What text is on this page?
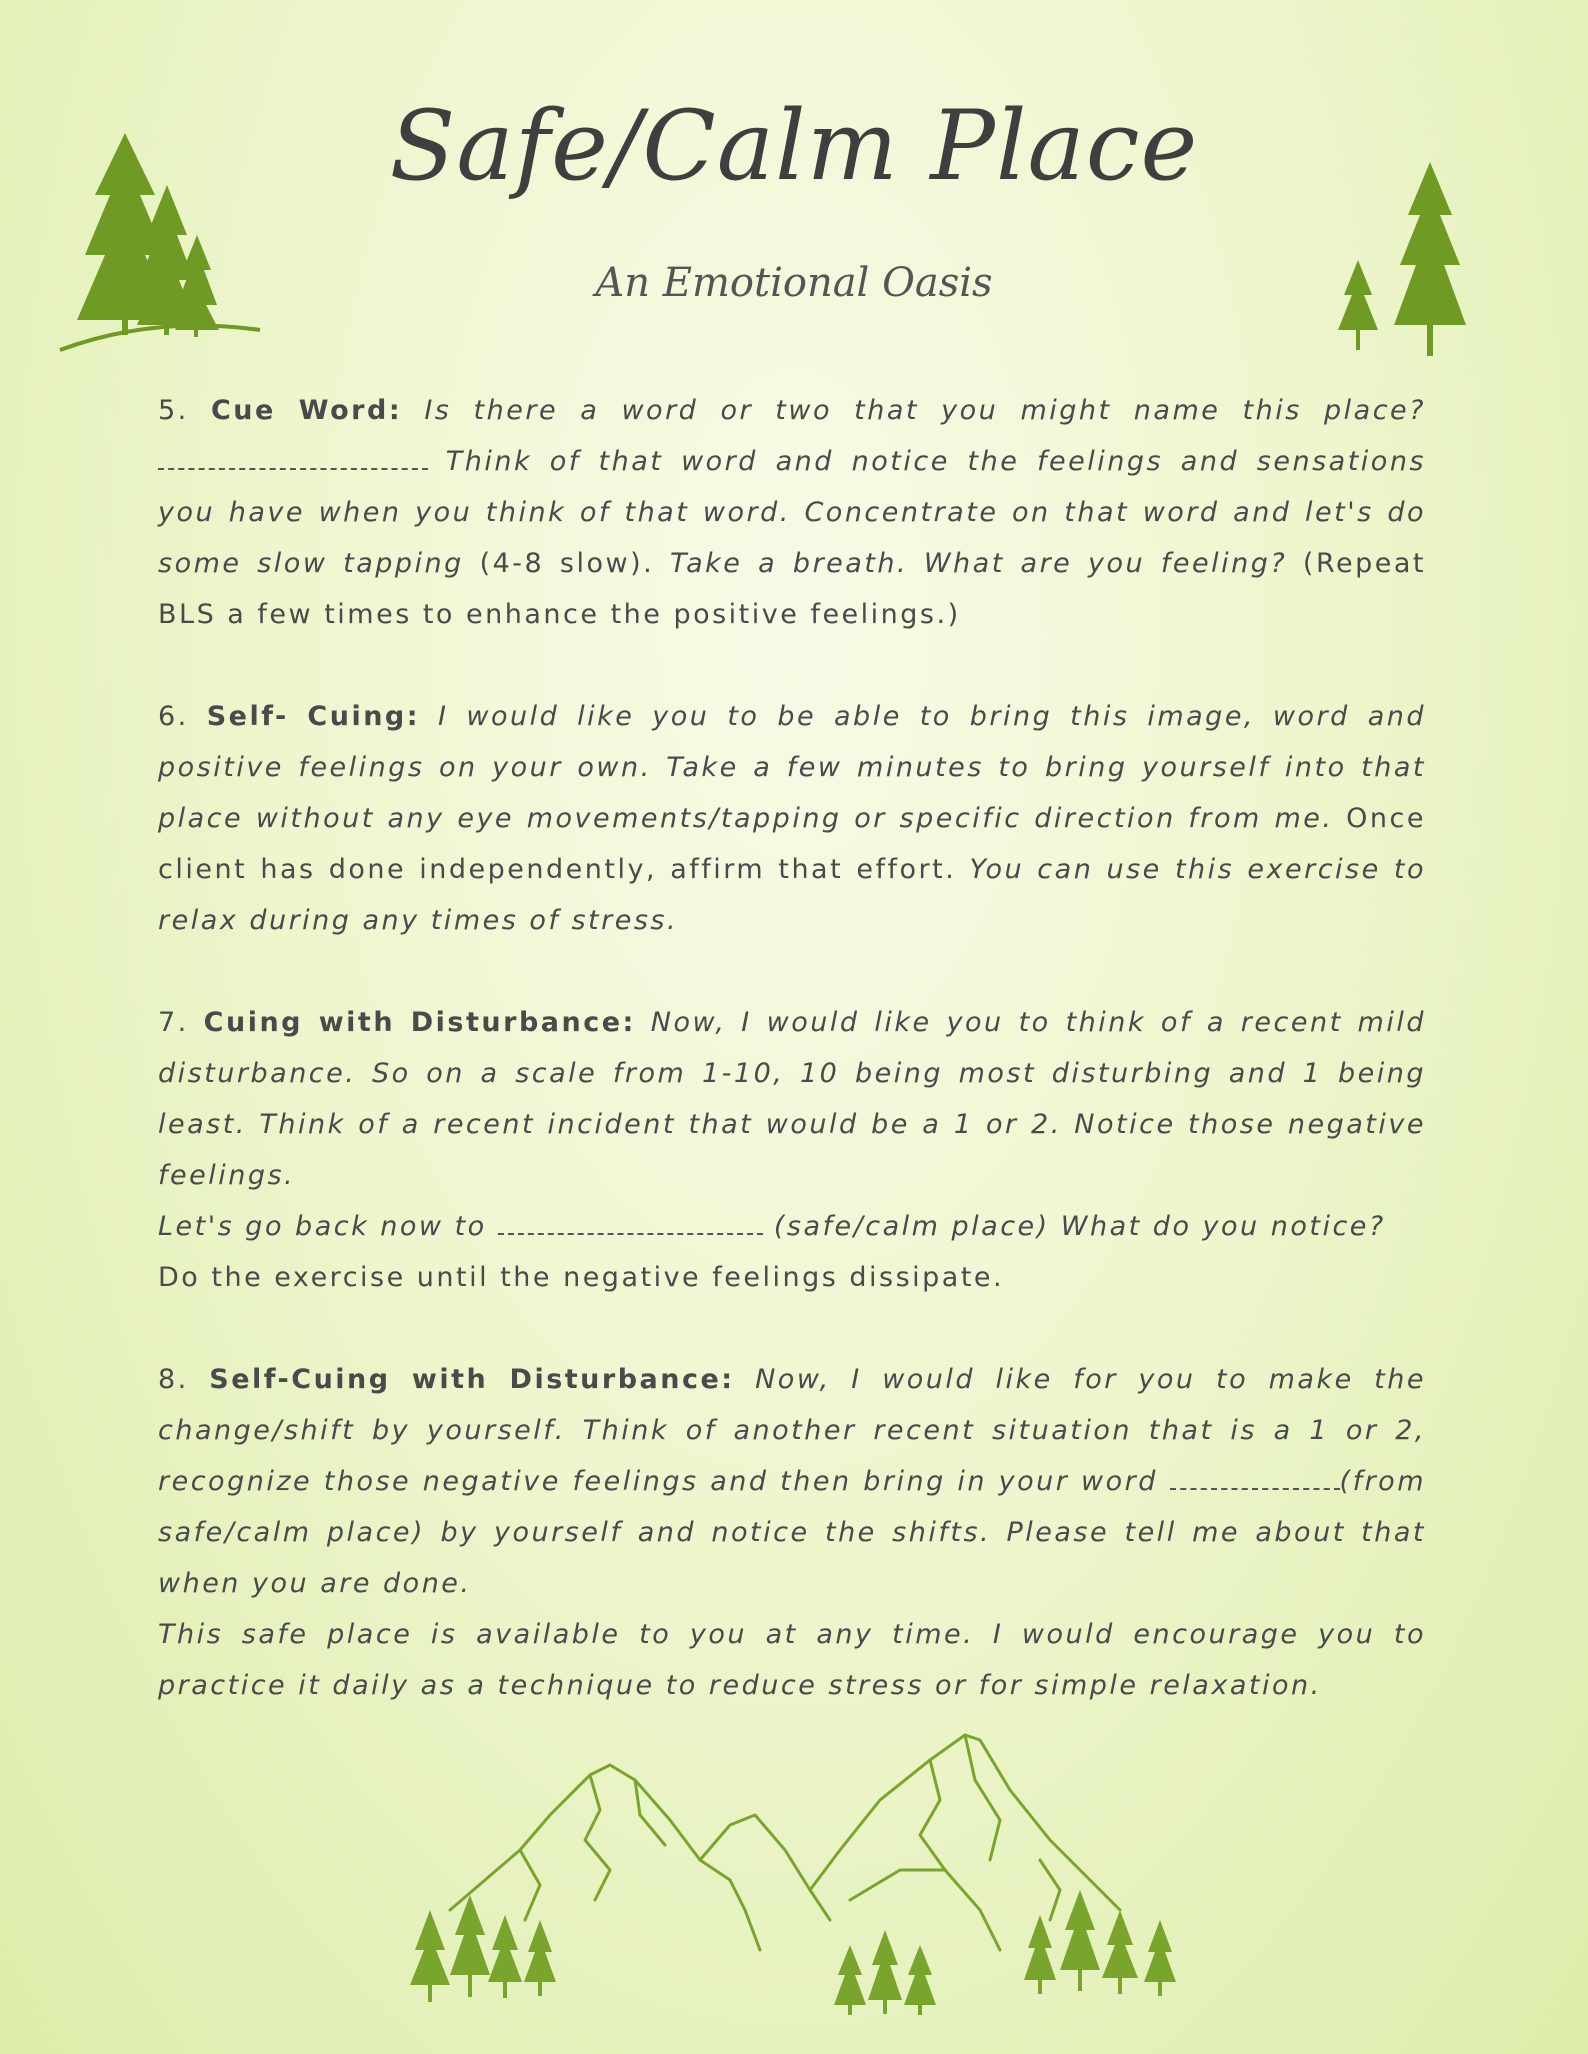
Safe/Calm Place
An Emotional Oasis

5. Cue Word: Is there a word or two that you might name this place?  Think of that word and notice the feelings and sensations you have when you think of that word. Concentrate on that word and let's do some slow tapping (4-8 slow). Take a breath. What are you feeling? (Repeat BLS a few times to enhance the positive feelings.)

6. Self- Cuing: I would like you to be able to bring this image, word and positive feelings on your own. Take a few minutes to bring yourself into that place without any eye movements/tapping or specific direction from me. Once client has done independently, affirm that effort. You can use this exercise to relax during any times of stress.

7. Cuing with Disturbance: Now, I would like you to think of a recent mild disturbance. So on a scale from 1-10, 10 being most disturbing and 1 being least. Think of a recent incident that would be a 1 or 2. Notice those negative feelings.

Let's go back now to	(safe/calm place) What do you notice?

Do the exercise until the negative feelings dissipate.

8. Self-Cuing with Disturbance: Now, I would like for you to make the change/shift by yourself. Think of another recent situation that is a 1 or 2, recognize those negative feelings and then bring in your word	(from safe/calm place) by yourself and notice the shifts. Please tell me about that when you are done.

This safe place is available to you at any time. I would encourage you to practice it daily as a technique to reduce stress or for simple relaxation.
